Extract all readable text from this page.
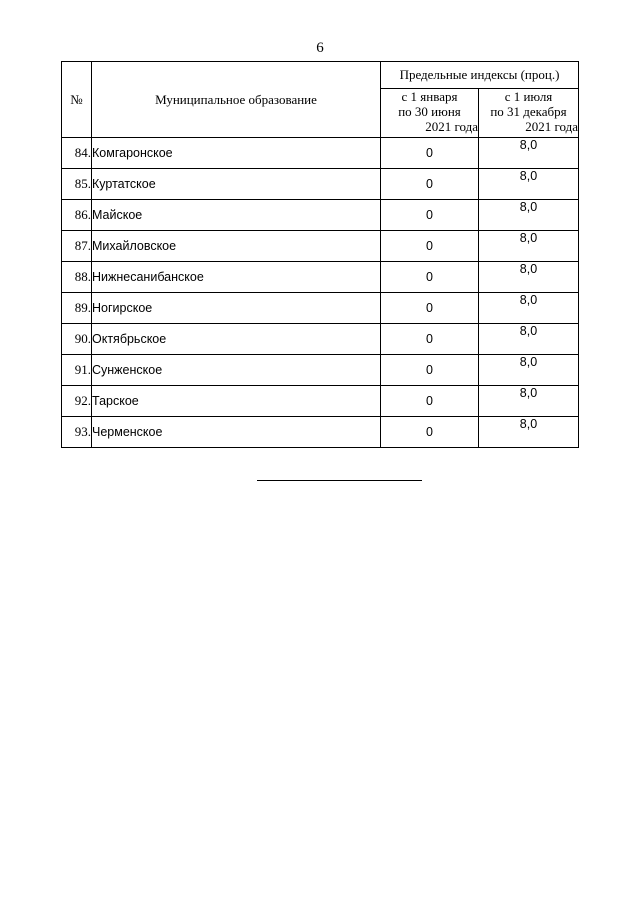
6
№	Муниципальное образование	Предельные индексы (проц.)	

		с 1 января
по 30 июня
2021 года	с 1 июля
по 31 декабря
2021 года

84.	Комгаронское	0	8,0
85.	Куртатское	0	8,0
86.	Майское	0	8,0
87.	Михайловское	0	8,0
88.	Нижнесанибанское	0	8,0
89.	Ногирское	0	8,0
90.	Октябрьское	0	8,0
91.	Сунженское	0	8,0
92.	Тарское	0	8,0
93.	Черменское	0	8,0
